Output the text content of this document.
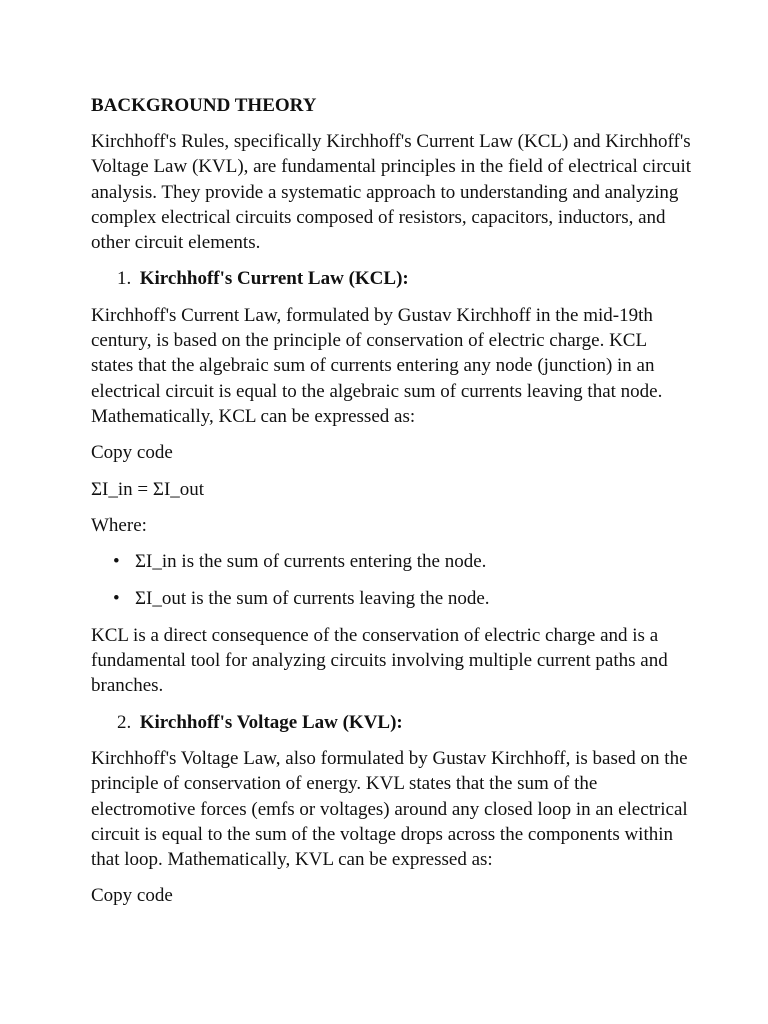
BACKGROUND THEORY

Kirchhoff's Rules, specifically Kirchhoff's Current Law (KCL) and Kirchhoff's Voltage Law (KVL), are fundamental principles in the field of electrical circuit analysis. They provide a systematic approach to understanding and analyzing complex electrical circuits composed of resistors, capacitors, inductors, and other circuit elements.

1. Kirchhoff's Current Law (KCL):

Kirchhoff's Current Law, formulated by Gustav Kirchhoff in the mid-19th century, is based on the principle of conservation of electric charge. KCL states that the algebraic sum of currents entering any node (junction) in an electrical circuit is equal to the algebraic sum of currents leaving that node. Mathematically, KCL can be expressed as:

Copy code

ΣI_in = ΣI_out

Where:

• ΣI_in is the sum of currents entering the node.
• ΣI_out is the sum of currents leaving the node.

KCL is a direct consequence of the conservation of electric charge and is a fundamental tool for analyzing circuits involving multiple current paths and branches.

2. Kirchhoff's Voltage Law (KVL):

Kirchhoff's Voltage Law, also formulated by Gustav Kirchhoff, is based on the principle of conservation of energy. KVL states that the sum of the electromotive forces (emfs or voltages) around any closed loop in an electrical circuit is equal to the sum of the voltage drops across the components within that loop. Mathematically, KVL can be expressed as:

Copy code
